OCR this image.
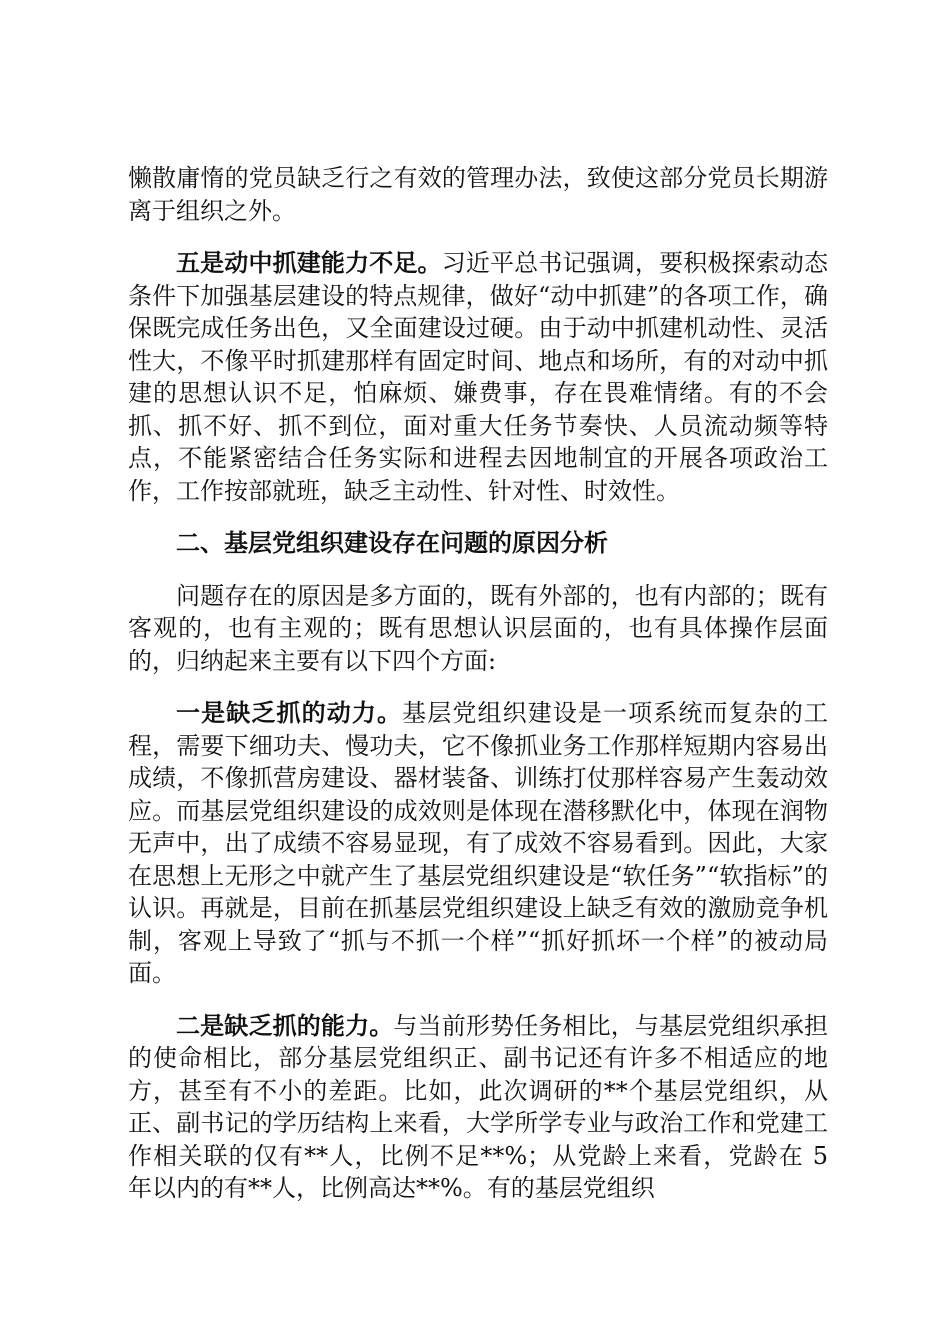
懒散庸惰的党员缺乏行之有效的管理办法，致使这部分党员长期游离于组织之外。

五是动中抓建能力不足。习近平总书记强调，要积极探索动态条件下加强基层建设的特点规律，做好“动中抓建”的各项工作，确保既完成任务出色，又全面建设过硬。由于动中抓建机动性、灵活性大，不像平时抓建那样有固定时间、地点和场所，有的对动中抓建的思想认识不足，怕麻烦、嫌费事，存在畏难情绪。有的不会抓、抓不好、抓不到位，面对重大任务节奏快、人员流动频等特点，不能紧密结合任务实际和进程去因地制宜的开展各项政治工作，工作按部就班，缺乏主动性、针对性、时效性。

二、基层党组织建设存在问题的原因分析

问题存在的原因是多方面的，既有外部的，也有内部的；既有客观的，也有主观的；既有思想认识层面的，也有具体操作层面的，归纳起来主要有以下四个方面:

一是缺乏抓的动力。基层党组织建设是一项系统而复杂的工程，需要下细功夫、慢功夫，它不像抓业务工作那样短期内容易出成绩，不像抓营房建设、器材装备、训练打仗那样容易产生轰动效应。而基层党组织建设的成效则是体现在潜移默化中，体现在润物无声中，出了成绩不容易显现，有了成效不容易看到。因此，大家在思想上无形之中就产生了基层党组织建设是“软任务”“软指标”的认识。再就是，目前在抓基层党组织建设上缺乏有效的激励竞争机制，客观上导致了“抓与不抓一个样”“抓好抓坏一个样”的被动局面。

二是缺乏抓的能力。与当前形势任务相比，与基层党组织承担的使命相比，部分基层党组织正、副书记还有许多不相适应的地方，甚至有不小的差距。比如，此次调研的**个基层党组织，从正、副书记的学历结构上来看，大学所学专业与政治工作和党建工作相关联的仅有**人，比例不足**%；从党龄上来看，党龄在 5 年以内的有**人，比例高达**%。有的基层党组织
